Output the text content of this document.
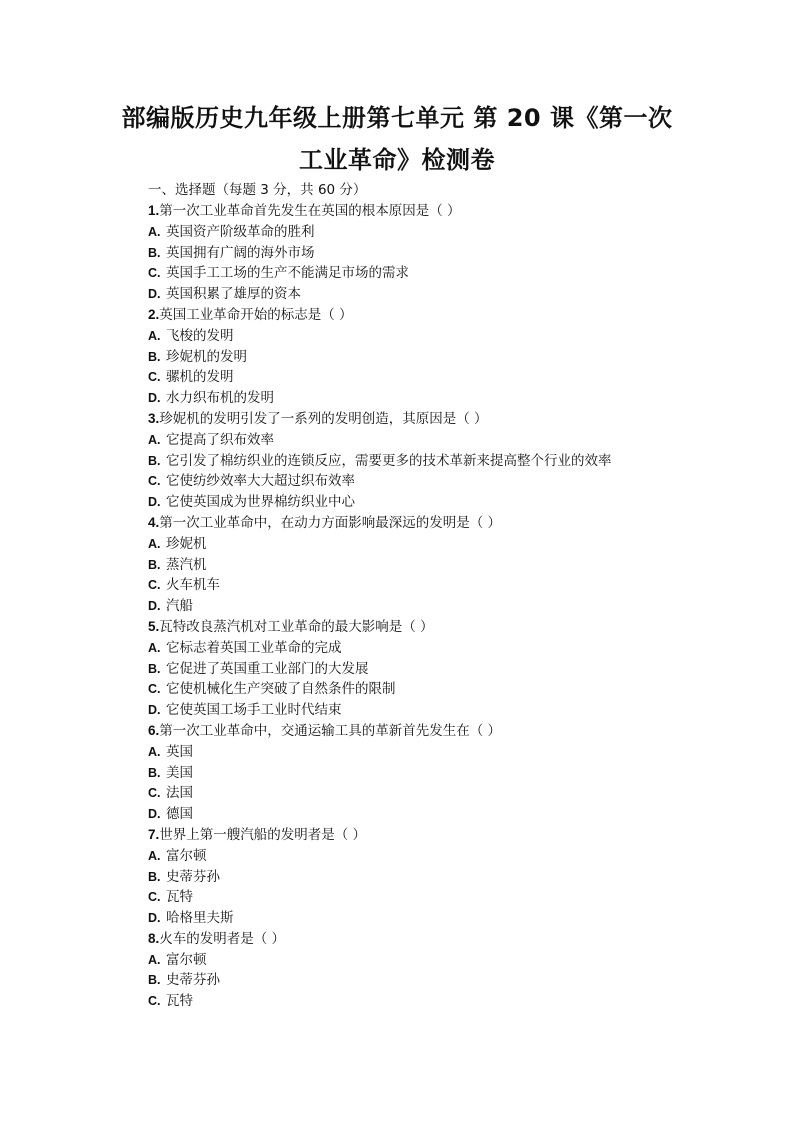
部编版历史九年级上册第七单元 第 20 课《第一次
工业革命》检测卷
一、选择题（每题 3 分，共 60 分）
1.第一次工业革命首先发生在英国的根本原因是（ ）
A. 英国资产阶级革命的胜利
B. 英国拥有广阔的海外市场
C. 英国手工工场的生产不能满足市场的需求
D. 英国积累了雄厚的资本
2.英国工业革命开始的标志是（ ）
A. 飞梭的发明
B. 珍妮机的发明
C. 骡机的发明
D. 水力织布机的发明
3.珍妮机的发明引发了一系列的发明创造，其原因是（ ）
A. 它提高了织布效率
B. 它引发了棉纺织业的连锁反应，需要更多的技术革新来提高整个行业的效率
C. 它使纺纱效率大大超过织布效率
D. 它使英国成为世界棉纺织业中心
4.第一次工业革命中，在动力方面影响最深远的发明是（ ）
A. 珍妮机
B. 蒸汽机
C. 火车机车
D. 汽船
5.瓦特改良蒸汽机对工业革命的最大影响是（ ）
A. 它标志着英国工业革命的完成
B. 它促进了英国重工业部门的大发展
C. 它使机械化生产突破了自然条件的限制
D. 它使英国工场手工业时代结束
6.第一次工业革命中，交通运输工具的革新首先发生在（ ）
A. 英国
B. 美国
C. 法国
D. 德国
7.世界上第一艘汽船的发明者是（ ）
A. 富尔顿
B. 史蒂芬孙
C. 瓦特
D. 哈格里夫斯
8.火车的发明者是（ ）
A. 富尔顿
B. 史蒂芬孙
C. 瓦特
